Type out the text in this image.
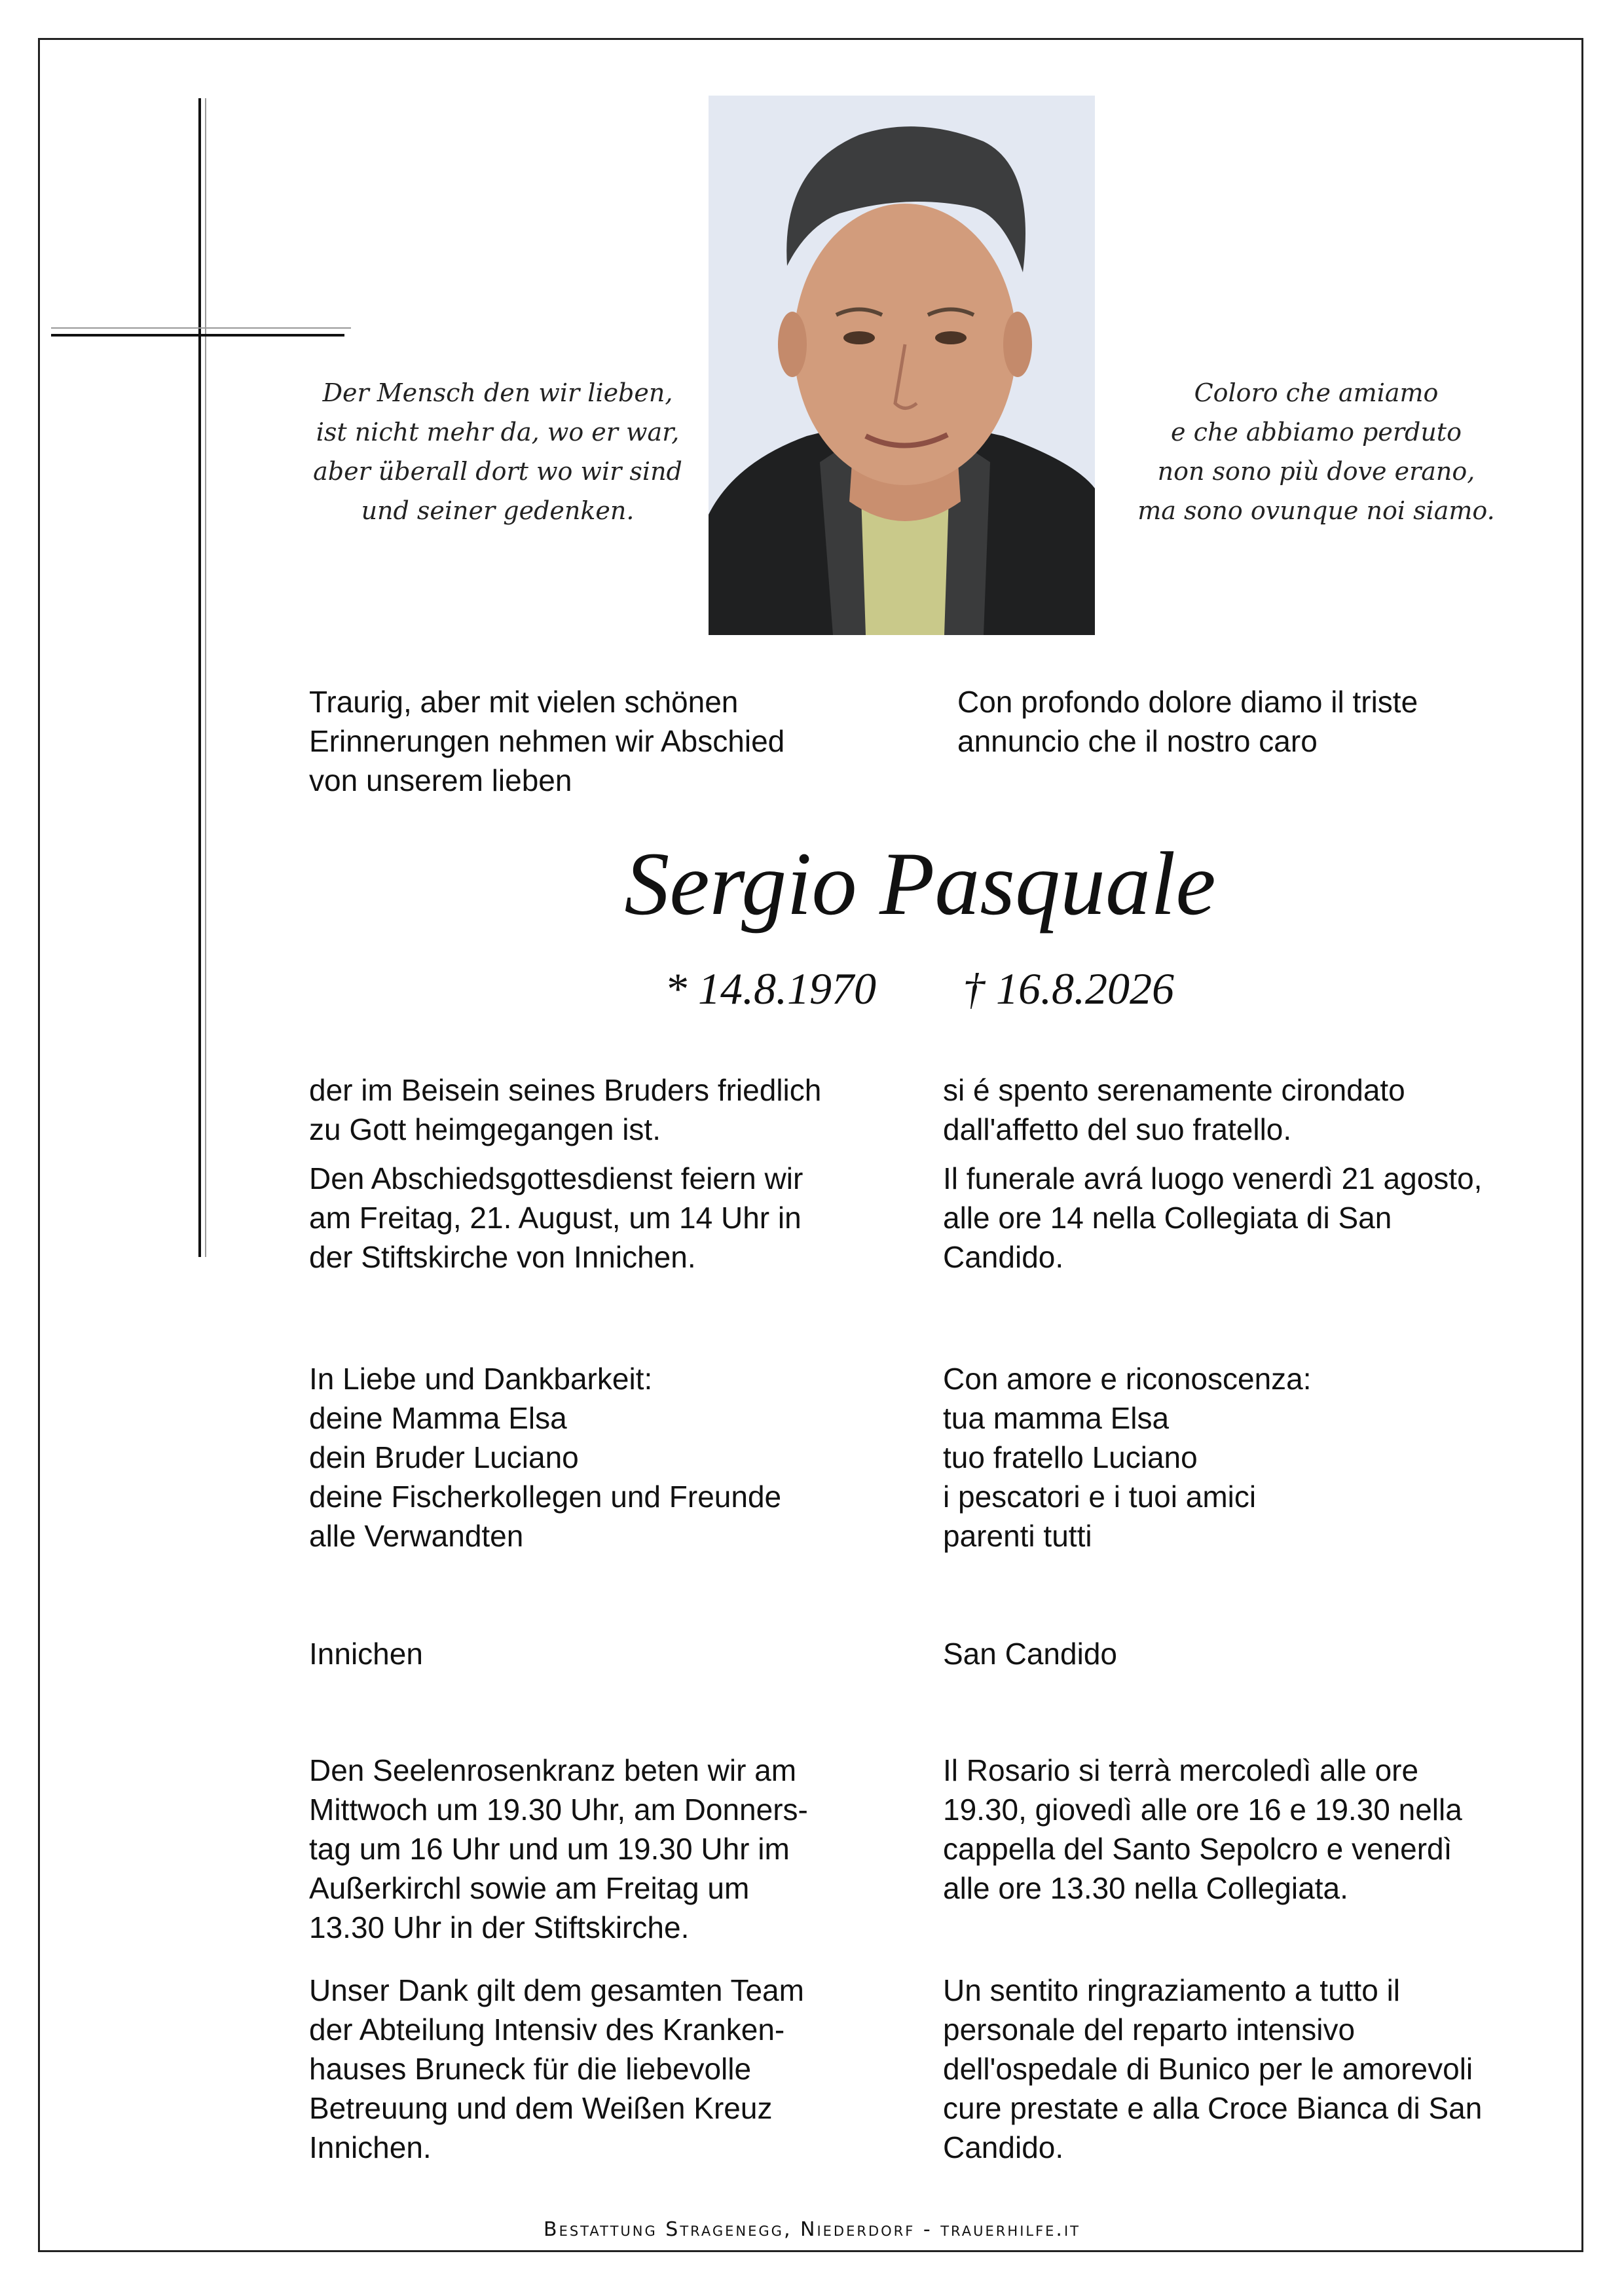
Der Mensch den wir lieben,
ist nicht mehr da, wo er war,
aber überall dort wo wir sind
und seiner gedenken.
Coloro che amiamo
e che abbiamo perduto
non sono più dove erano,
ma sono ovunque noi siamo.
Traurig, aber mit vielen schönen
Erinnerungen nehmen wir Abschied
von unserem lieben
Con profondo dolore diamo il triste
annuncio che il nostro caro
Sergio Pasquale
* 14.8.1970 † 16.8.2026
der im Beisein seines Bruders friedlich
zu Gott heimgegangen ist.
si é spento serenamente cirondato
dall'affetto del suo fratello.
Den Abschiedsgottesdienst feiern wir
am Freitag, 21. August, um 14 Uhr in
der Stiftskirche von Innichen.
Il funerale avrá luogo venerdì 21 agosto,
alle ore 14 nella Collegiata di San
Candido.
In Liebe und Dankbarkeit:
deine Mamma Elsa
dein Bruder Luciano
deine Fischerkollegen und Freunde
alle Verwandten
Con amore e riconoscenza:
tua mamma Elsa
tuo fratello Luciano
i pescatori e i tuoi amici
parenti tutti
Innichen	San Candido
Den Seelenrosenkranz beten wir am
Mittwoch um 19.30 Uhr, am Donners-
tag um 16 Uhr und um 19.30 Uhr im
Außerkirchl sowie am Freitag um
13.30 Uhr in der Stiftskirche.
Il Rosario si terrà mercoledì alle ore
19.30, giovedì alle ore 16 e 19.30 nella
cappella del Santo Sepolcro e venerdì
alle ore 13.30 nella Collegiata.
Unser Dank gilt dem gesamten Team
der Abteilung Intensiv des Kranken-
hauses Bruneck für die liebevolle
Betreuung und dem Weißen Kreuz
Innichen.
Un sentito ringraziamento a tutto il
personale del reparto intensivo
dell'ospedale di Bunico per le amorevoli
cure prestate e alla Croce Bianca di San
Candido.
Bestattung Stragenegg, Niederdorf - trauerhilfe.it
